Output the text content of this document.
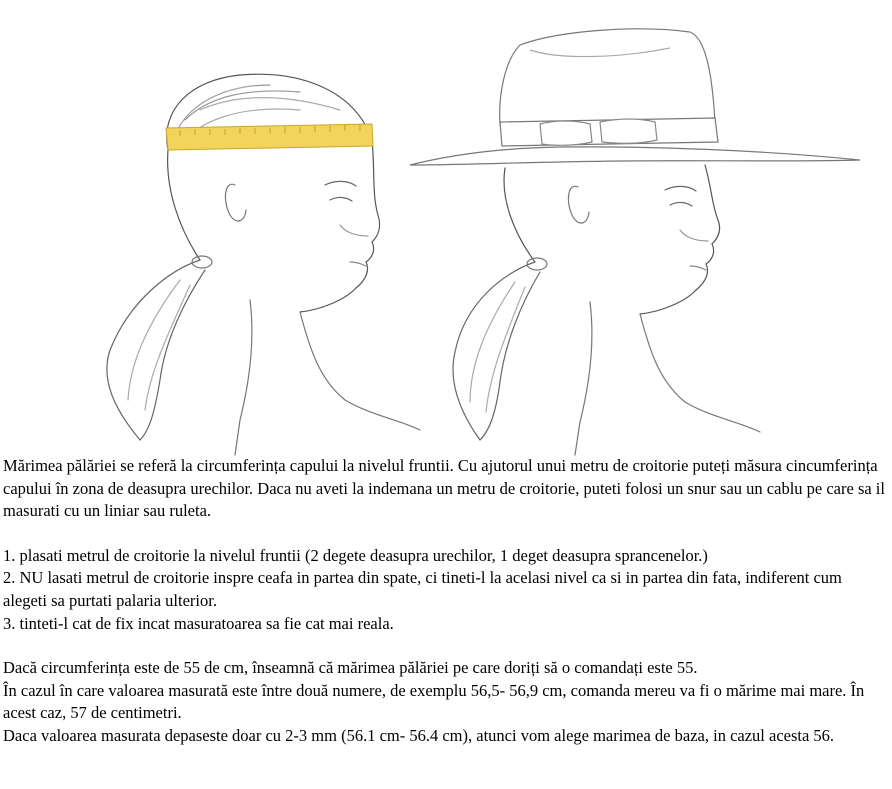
Mărimea pălăriei se referă la circumferința capului la nivelul fruntii. Cu ajutorul unui metru de croitorie puteți măsura cincumferința capului în zona de deasupra urechilor. Daca nu aveti la indemana un metru de croitorie, puteti folosi un snur sau un cablu pe care sa il masurati cu un liniar sau ruleta.

1. plasati metrul de croitorie la nivelul fruntii (2 degete deasupra urechilor, 1 deget deasupra sprancenelor.)

2. NU lasati metrul de croitorie inspre ceafa in partea din spate, ci tineti-l la acelasi nivel ca si in partea din fata, indiferent cum alegeti sa purtati palaria ulterior.

3. tinteti-l cat de fix incat masuratoarea sa fie cat mai reala.

Dacă circumferința este de 55 de cm, înseamnă că mărimea pălăriei pe care doriți să o comandați este 55.

În cazul în care valoarea masurată este între două numere, de exemplu 56,5- 56,9 cm, comanda mereu va fi o mărime mai mare. În acest caz, 57 de centimetri.

Daca valoarea masurata depaseste doar cu 2-3 mm (56.1 cm- 56.4 cm), atunci vom alege marimea de baza, in cazul acesta 56.
